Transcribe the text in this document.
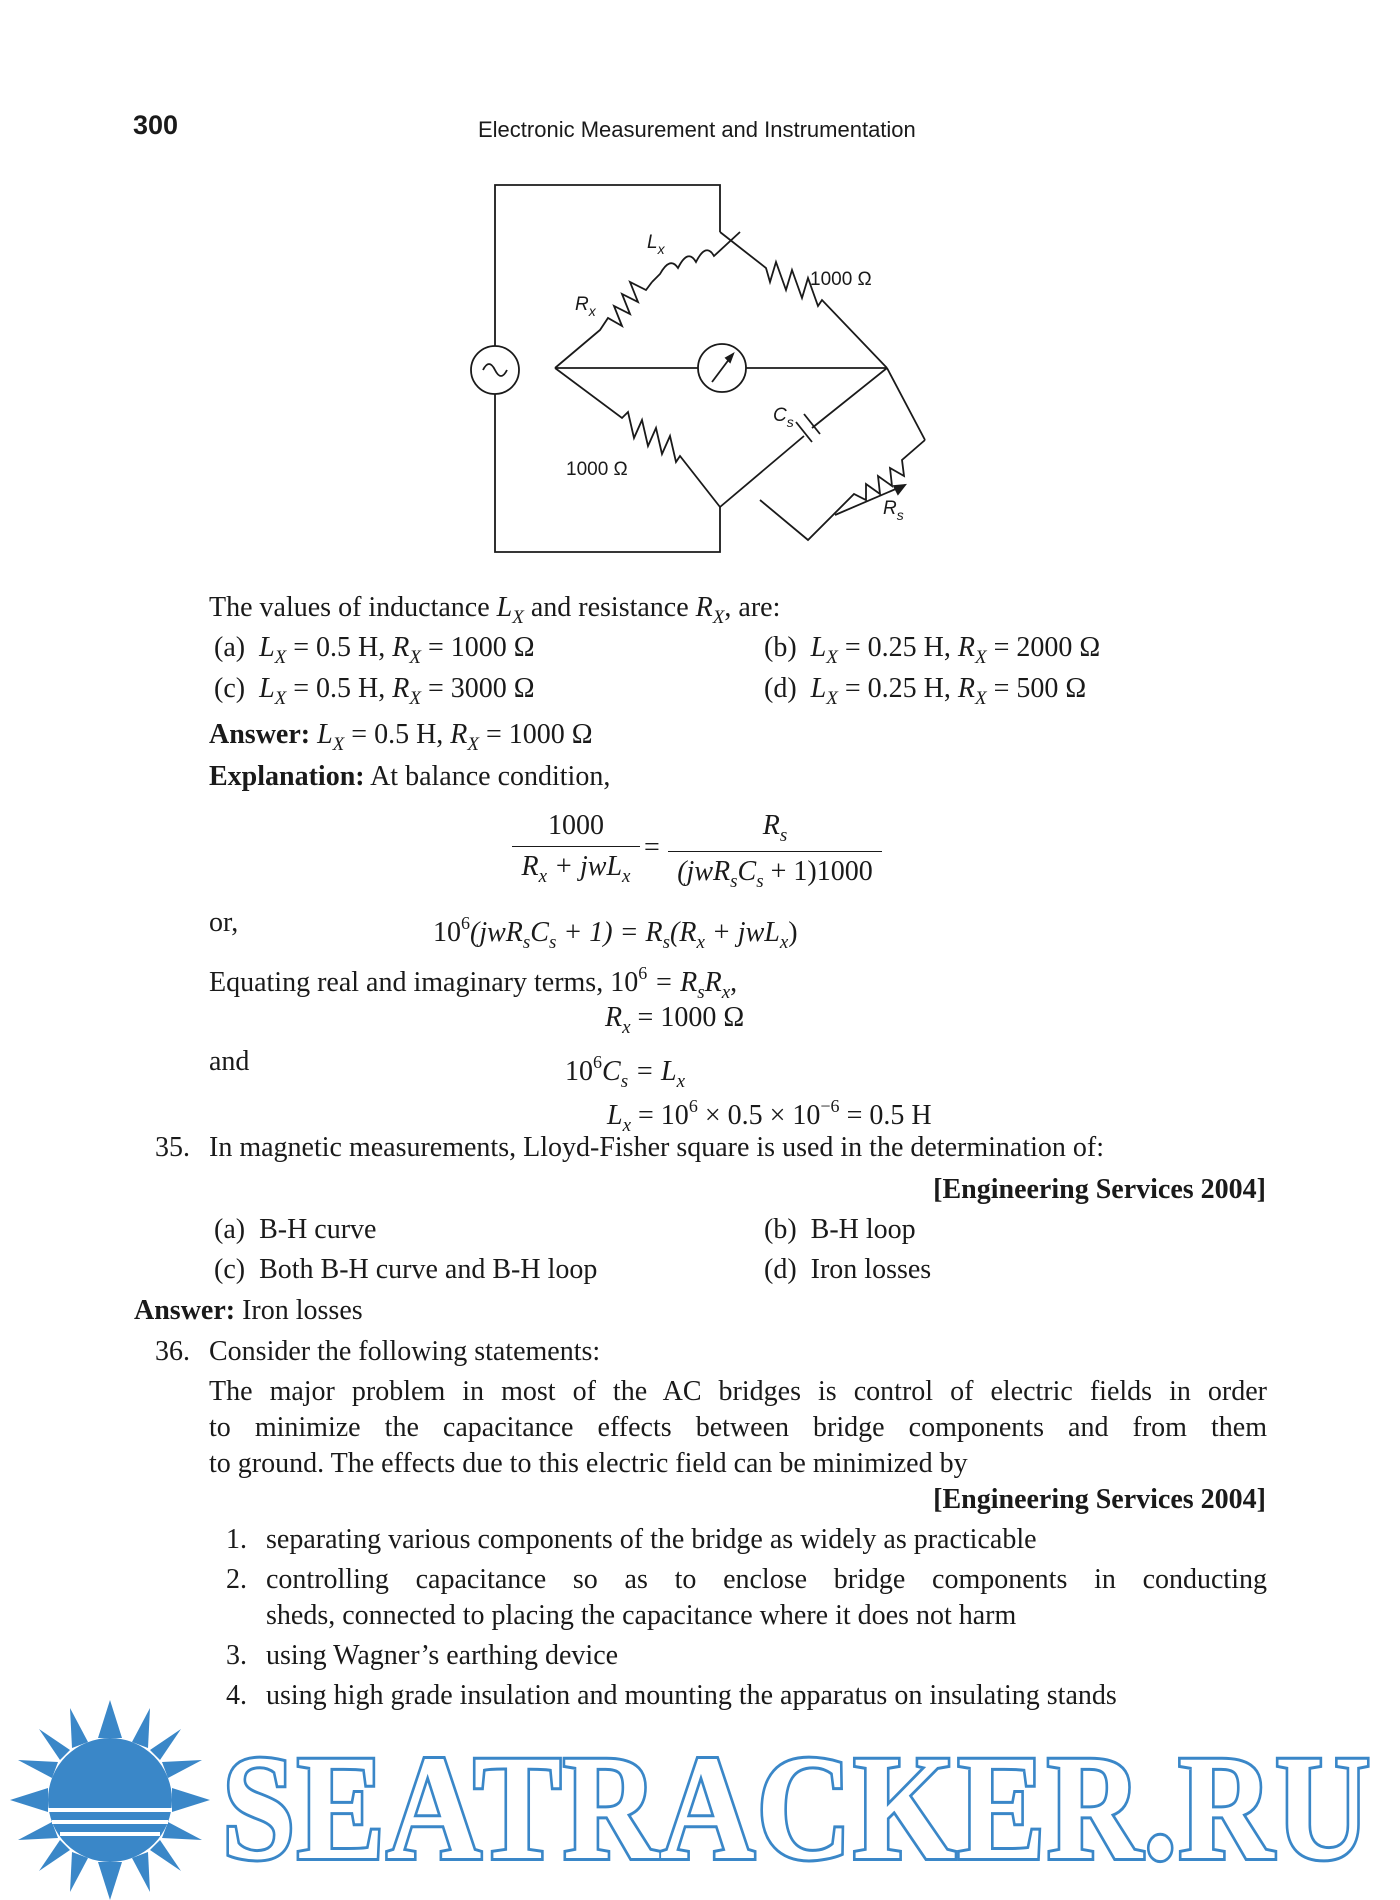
300	Electronic Measurement and Instrumentation
$L_x$
$R_x$
$C_s$
$R_s$
1000 Ω
1000 Ω
The values of inductance $L_X$ and resistance $R_X$, are:
(a) $L_X = 0.5$ H, $R_X = 1000$ Ω	(b) $L_X = 0.25$ H, $R_X = 2000$ Ω
(c) $L_X = 0.5$ H, $R_X = 3000$ Ω	(d) $L_X = 0.25$ H, $R_X = 500$ Ω
Answer: $L_X = 0.5$ H, $R_X = 1000$ Ω
Explanation: At balance condition,
1000
$R_x + jwL_x$
=
$R_s$
$(jwR_sC_s + 1)1000$
or,	$10^6(jwR_sC_s + 1) = R_s(R_x + jwL_x)$
Equating real and imaginary terms, $10^6 = R_sR_x$,
$R_x = 1000$ Ω
and	$10^6C_s = L_x$
$L_x = 10^6 \times 0.5 \times 10^{-6} = 0.5$ H
35. In magnetic measurements, Lloyd-Fisher square is used in the determination of:
[Engineering Services 2004]
(a) B-H curve	(b) B-H loop
(c) Both B-H curve and B-H loop	(d) Iron losses
Answer: Iron losses
36. Consider the following statements:
The major problem in most of the AC bridges is control of electric fields in order
to minimize the capacitance effects between bridge components and from them
to ground. The effects due to this electric field can be minimized by
[Engineering Services 2004]
1. separating various components of the bridge as widely as practicable
2. controlling capacitance so as to enclose bridge components in conducting
sheds, connected to placing the capacitance where it does not harm
3. using Wagner’s earthing device
4. using high grade insulation and mounting the apparatus on insulating stands
SEATRACKER.RU
